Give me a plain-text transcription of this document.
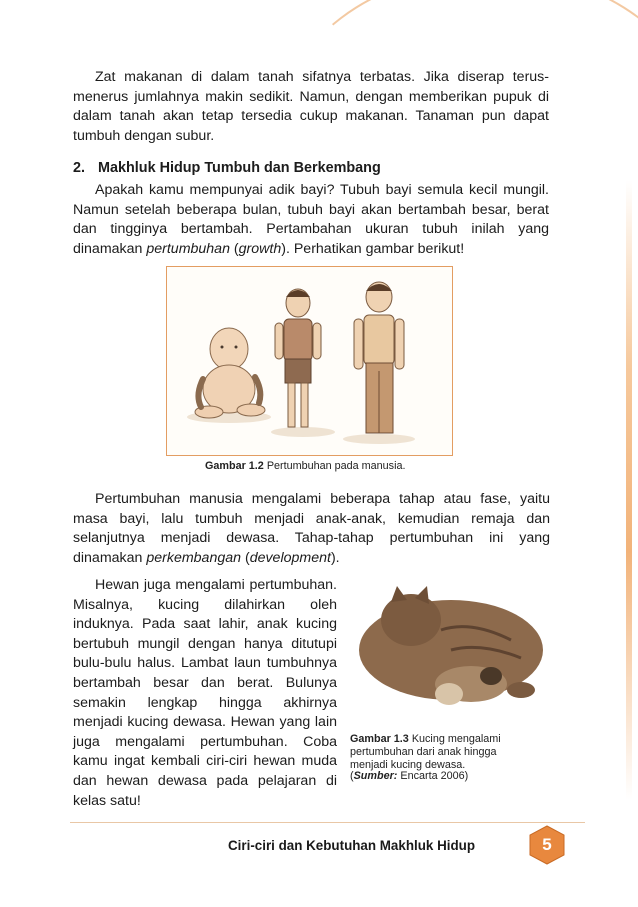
Zat makanan di dalam tanah sifatnya terbatas. Jika diserap terus-menerus jumlahnya makin sedikit. Namun, dengan memberikan pupuk di dalam tanah akan tetap tersedia cukup makanan. Tanaman pun dapat tumbuh dengan subur.

2. Makhluk Hidup Tumbuh dan Berkembang

Apakah kamu mempunyai adik bayi? Tubuh bayi semula kecil mungil. Namun setelah beberapa bulan, tubuh bayi akan bertambah besar, berat dan tingginya bertambah. Pertambahan ukuran tubuh inilah yang dinamakan pertumbuhan (growth). Perhatikan gambar berikut!

Gambar 1.2 Pertumbuhan pada manusia.

Pertumbuhan manusia mengalami beberapa tahap atau fase, yaitu masa bayi, lalu tumbuh menjadi anak-anak, kemudian remaja dan selanjutnya menjadi dewasa. Tahap-tahap pertumbuhan ini yang dinamakan perkembangan (development).

Hewan juga mengalami pertumbuhan. Misalnya, kucing dilahirkan oleh induknya. Pada saat lahir, anak kucing bertubuh mungil dengan hanya ditutupi bulu-bulu halus. Lambat laun tumbuhnya bertambah besar dan berat. Bulunya semakin lengkap hingga akhirnya menjadi kucing dewasa. Hewan yang lain juga mengalami pertumbuhan. Coba kamu ingat kembali ciri-ciri hewan muda dan hewan dewasa pada pelajaran di kelas satu!

Gambar 1.3 Kucing mengalami pertumbuhan dari anak hingga menjadi kucing dewasa.
(Sumber: Encarta 2006)
Ciri-ciri dan Kebutuhan Makhluk Hidup	5
